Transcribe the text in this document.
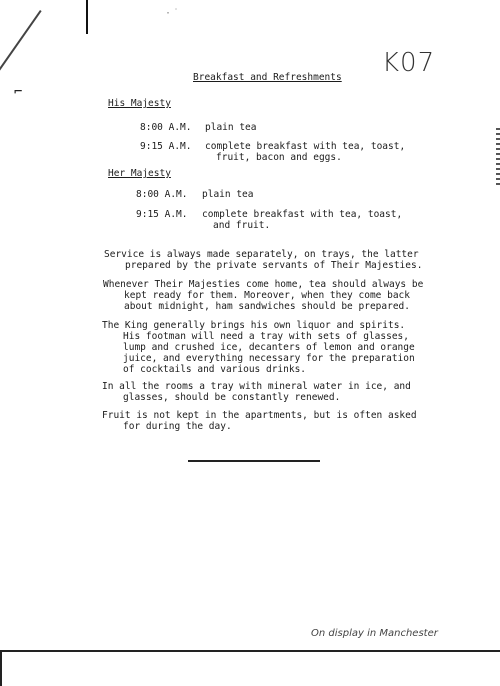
⌐
·˙
K07
Breakfast and Refreshments
His Majesty
8:00 A.M. plain tea
9:15 A.M. complete breakfast with tea, toast,
fruit, bacon and eggs.
Her Majesty
8:00 A.M. plain tea
9:15 A.M. complete breakfast with tea, toast,
and fruit.
Service is always made separately, on trays, the latter
prepared by the private servants of Their Majesties.
Whenever Their Majesties come home, tea should always be
kept ready for them. Moreover, when they come back
about midnight, ham sandwiches should be prepared.
The King generally brings his own liquor and spirits.
His footman will need a tray with sets of glasses,
lump and crushed ice, decanters of lemon and orange
juice, and everything necessary for the preparation
of cocktails and various drinks.
In all the rooms a tray with mineral water in ice, and
glasses, should be constantly renewed.
Fruit is not kept in the apartments, but is often asked
for during the day.
On display in Manchester
